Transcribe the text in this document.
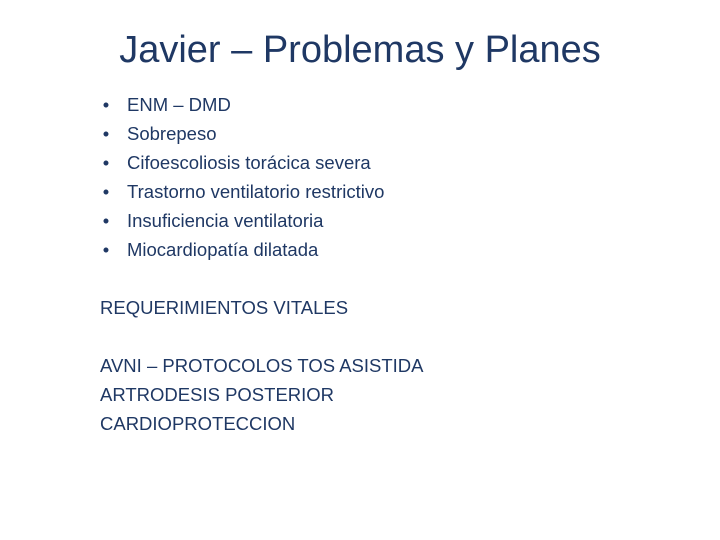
Javier – Problemas y Planes
• ENM – DMD
• Sobrepeso
• Cifoescoliosis torácica severa
• Trastorno ventilatorio restrictivo
• Insuficiencia ventilatoria
• Miocardiopatía dilatada
REQUERIMIENTOS VITALES
AVNI – PROTOCOLOS TOS ASISTIDA
ARTRODESIS POSTERIOR
CARDIOPROTECCION
